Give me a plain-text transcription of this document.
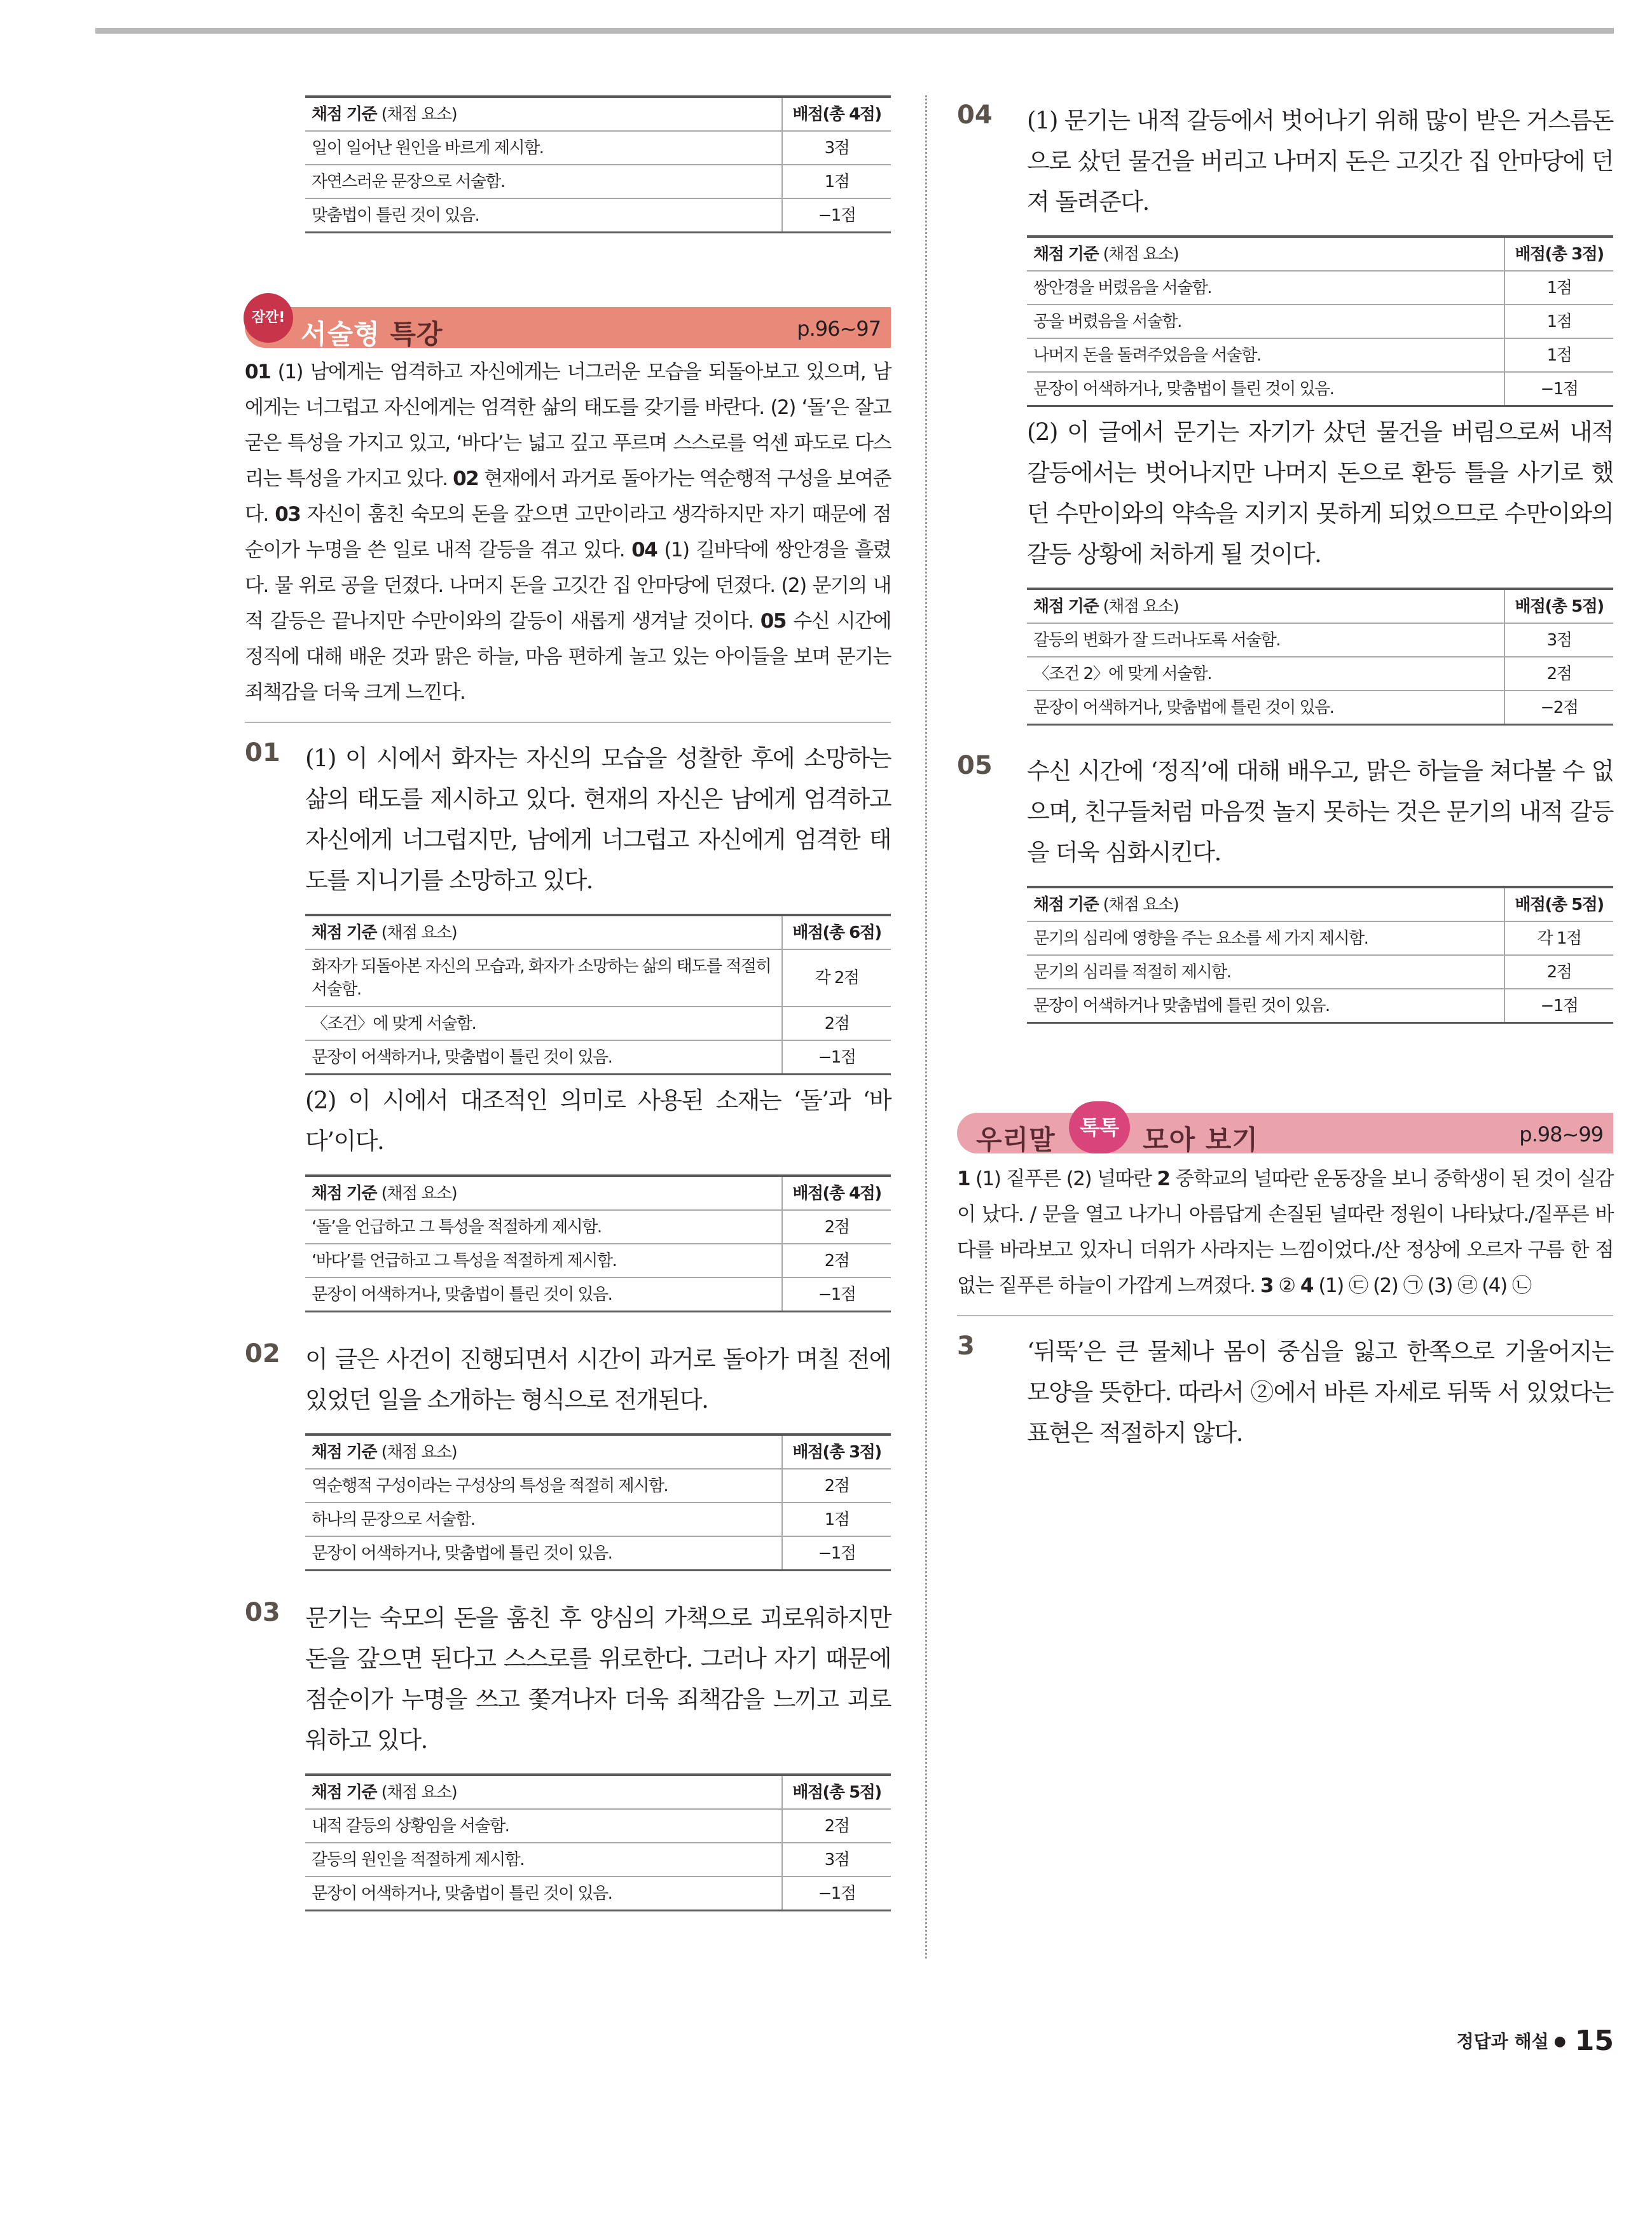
채점 기준 (채점 요소)	배점(총 4점)
일이 일어난 원인을 바르게 제시함.	3점
자연스러운 문장으로 서술함.	1점
맞춤법이 틀린 것이 있음.	−1점
잠깐!
서술형 특강	p.96~97
01 (1) 남에게는 엄격하고 자신에게는 너그러운 모습을 되돌아보고 있으며, 남에게는 너그럽고 자신에게는 엄격한 삶의 태도를 갖기를 바란다. (2) ‘돌’은 잘고 굳은 특성을 가지고 있고, ‘바다’는 넓고 깊고 푸르며 스스로를 억센 파도로 다스리는 특성을 가지고 있다. 02 현재에서 과거로 돌아가는 역순행적 구성을 보여준다. 03 자신이 훔친 숙모의 돈을 갚으면 고만이라고 생각하지만 자기 때문에 점순이가 누명을 쓴 일로 내적 갈등을 겪고 있다. 04 (1) 길바닥에 쌍안경을 흘렸다. 물 위로 공을 던졌다. 나머지 돈을 고깃간 집 안마당에 던졌다. (2) 문기의 내적 갈등은 끝나지만 수만이와의 갈등이 새롭게 생겨날 것이다. 05 수신 시간에 정직에 대해 배운 것과 맑은 하늘, 마음 편하게 놀고 있는 아이들을 보며 문기는 죄책감을 더욱 크게 느낀다.
01 (1) 이 시에서 화자는 자신의 모습을 성찰한 후에 소망하는 삶의 태도를 제시하고 있다. 현재의 자신은 남에게 엄격하고 자신에게 너그럽지만, 남에게 너그럽고 자신에게 엄격한 태도를 지니기를 소망하고 있다.
채점 기준 (채점 요소)	배점(총 6점)
화자가 되돌아본 자신의 모습과, 화자가 소망하는 삶의 태도를 적절히 서술함.	각 2점
〈조건〉에 맞게 서술함.	2점
문장이 어색하거나, 맞춤법이 틀린 것이 있음.	−1점
(2) 이 시에서 대조적인 의미로 사용된 소재는 ‘돌’과 ‘바다’이다.
채점 기준 (채점 요소)	배점(총 4점)
‘돌’을 언급하고 그 특성을 적절하게 제시함.	2점
‘바다’를 언급하고 그 특성을 적절하게 제시함.	2점
문장이 어색하거나, 맞춤법이 틀린 것이 있음.	−1점
02 이 글은 사건이 진행되면서 시간이 과거로 돌아가 며칠 전에 있었던 일을 소개하는 형식으로 전개된다.
채점 기준 (채점 요소)	배점(총 3점)
역순행적 구성이라는 구성상의 특성을 적절히 제시함.	2점
하나의 문장으로 서술함.	1점
문장이 어색하거나, 맞춤법에 틀린 것이 있음.	−1점
03 문기는 숙모의 돈을 훔친 후 양심의 가책으로 괴로워하지만 돈을 갚으면 된다고 스스로를 위로한다. 그러나 자기 때문에 점순이가 누명을 쓰고 쫓겨나자 더욱 죄책감을 느끼고 괴로워하고 있다.
채점 기준 (채점 요소)	배점(총 5점)
내적 갈등의 상황임을 서술함.	2점
갈등의 원인을 적절하게 제시함.	3점
문장이 어색하거나, 맞춤법이 틀린 것이 있음.	−1점
04 (1) 문기는 내적 갈등에서 벗어나기 위해 많이 받은 거스름돈으로 샀던 물건을 버리고 나머지 돈은 고깃간 집 안마당에 던져 돌려준다.
채점 기준 (채점 요소)	배점(총 3점)
쌍안경을 버렸음을 서술함.	1점
공을 버렸음을 서술함.	1점
나머지 돈을 돌려주었음을 서술함.	1점
문장이 어색하거나, 맞춤법이 틀린 것이 있음.	−1점
(2) 이 글에서 문기는 자기가 샀던 물건을 버림으로써 내적 갈등에서는 벗어나지만 나머지 돈으로 환등 틀을 사기로 했던 수만이와의 약속을 지키지 못하게 되었으므로 수만이와의 갈등 상황에 처하게 될 것이다.
채점 기준 (채점 요소)	배점(총 5점)
갈등의 변화가 잘 드러나도록 서술함.	3점
〈조건 2〉에 맞게 서술함.	2점
문장이 어색하거나, 맞춤법에 틀린 것이 있음.	−2점
05 수신 시간에 ‘정직’에 대해 배우고, 맑은 하늘을 쳐다볼 수 없으며, 친구들처럼 마음껏 놀지 못하는 것은 문기의 내적 갈등을 더욱 심화시킨다.
채점 기준 (채점 요소)	배점(총 5점)
문기의 심리에 영향을 주는 요소를 세 가지 제시함.	각 1점
문기의 심리를 적절히 제시함.	2점
문장이 어색하거나 맞춤법에 틀린 것이 있음.	−1점
우리말	톡톡 모아 보기	p.98~99
1 (1) 짙푸른 (2) 널따란 2 중학교의 널따란 운동장을 보니 중학생이 된 것이 실감이 났다. / 문을 열고 나가니 아름답게 손질된 널따란 정원이 나타났다./짙푸른 바다를 바라보고 있자니 더위가 사라지는 느낌이었다./산 정상에 오르자 구름 한 점 없는 짙푸른 하늘이 가깝게 느껴졌다. 3 ② 4 (1) ㉢ (2) ㉠ (3) ㉣ (4) ㉡
3 ‘뒤뚝’은 큰 물체나 몸이 중심을 잃고 한쪽으로 기울어지는 모양을 뜻한다. 따라서 ②에서 바른 자세로 뒤뚝 서 있었다는 표현은 적절하지 않다.
정답과 해설 ● 15
